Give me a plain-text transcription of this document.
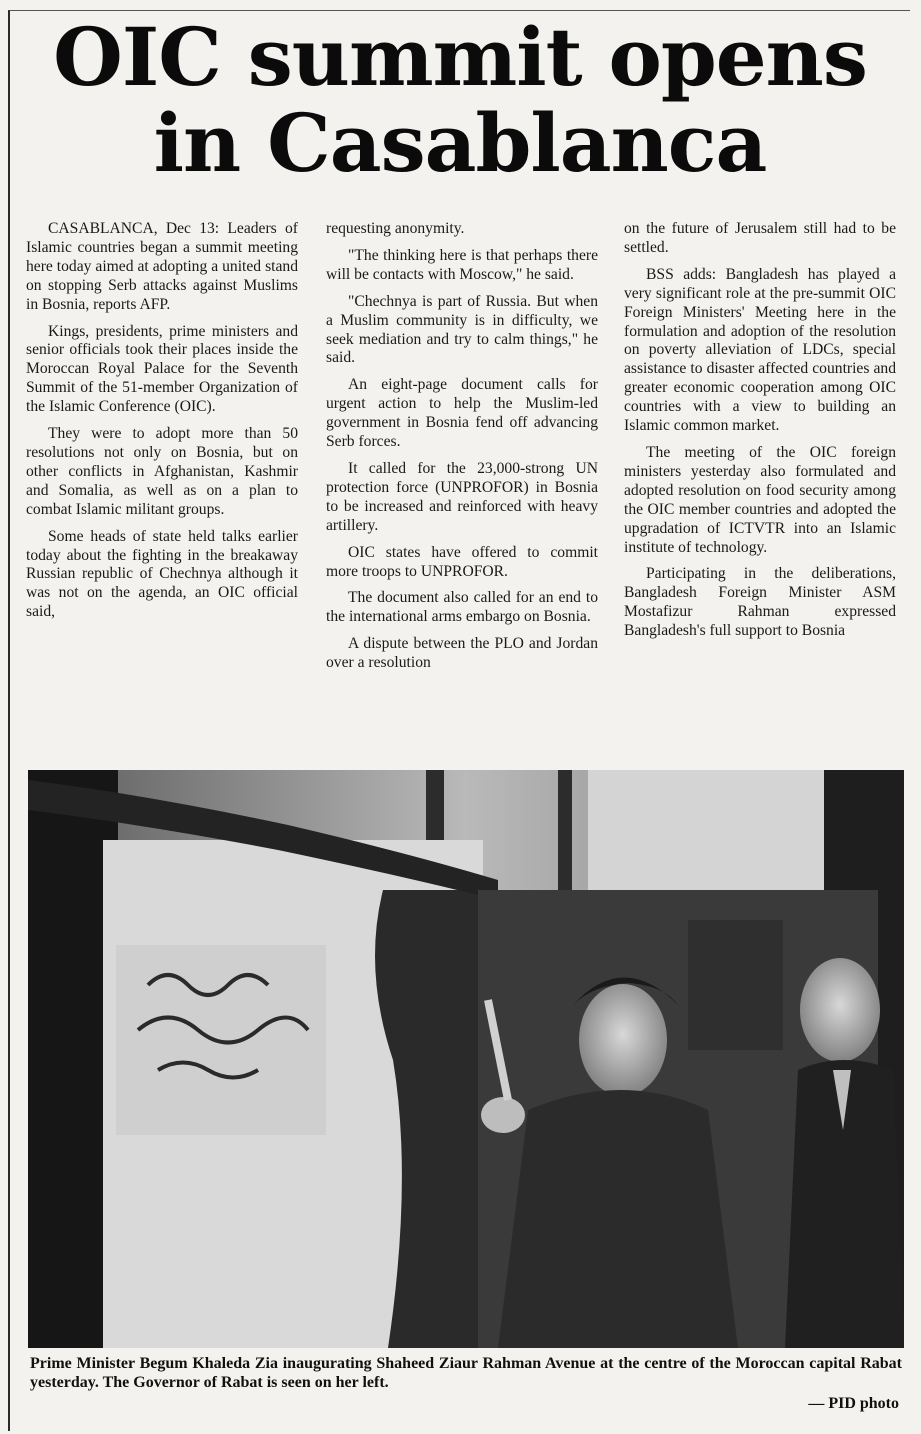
OIC summit opens
in Casablanca

CASABLANCA, Dec 13: Leaders of Islamic countries began a summit meeting here today aimed at adopting a united stand on stopping Serb attacks against Muslims in Bosnia, reports AFP.

Kings, presidents, prime ministers and senior officials took their places inside the Moroccan Royal Palace for the Seventh Summit of the 51-member Organization of the Islamic Conference (OIC).

They were to adopt more than 50 resolutions not only on Bosnia, but on other conflicts in Afghanistan, Kashmir and Somalia, as well as on a plan to combat Islamic militant groups.

Some heads of state held talks earlier today about the fighting in the breakaway Russian republic of Chechnya although it was not on the agenda, an OIC official said,

requesting anonymity.

"The thinking here is that perhaps there will be contacts with Moscow," he said.

"Chechnya is part of Russia. But when a Muslim community is in difficulty, we seek mediation and try to calm things," he said.

An eight-page document calls for urgent action to help the Muslim-led government in Bosnia fend off advancing Serb forces.

It called for the 23,000-strong UN protection force (UNPROFOR) in Bosnia to be increased and reinforced with heavy artillery.

OIC states have offered to commit more troops to UNPROFOR.

The document also called for an end to the international arms embargo on Bosnia.

A dispute between the PLO and Jordan over a resolution

on the future of Jerusalem still had to be settled.

BSS adds: Bangladesh has played a very significant role at the pre-summit OIC Foreign Ministers' Meeting here in the formulation and adoption of the resolution on poverty alleviation of LDCs, special assistance to disaster affected countries and greater economic cooperation among OIC countries with a view to building an Islamic common market.

The meeting of the OIC foreign ministers yesterday also formulated and adopted resolution on food security among the OIC member countries and adopted the upgradation of ICTVTR into an Islamic institute of technology.

Participating in the deliberations, Bangladesh Foreign Minister ASM Mostafizur Rahman expressed Bangladesh's full support to Bosnia

Prime Minister Begum Khaleda Zia inaugurating Shaheed Ziaur Rahman Avenue at the centre of the Moroccan capital Rabat yesterday. The Governor of Rabat is seen on her left.
— PID photo
